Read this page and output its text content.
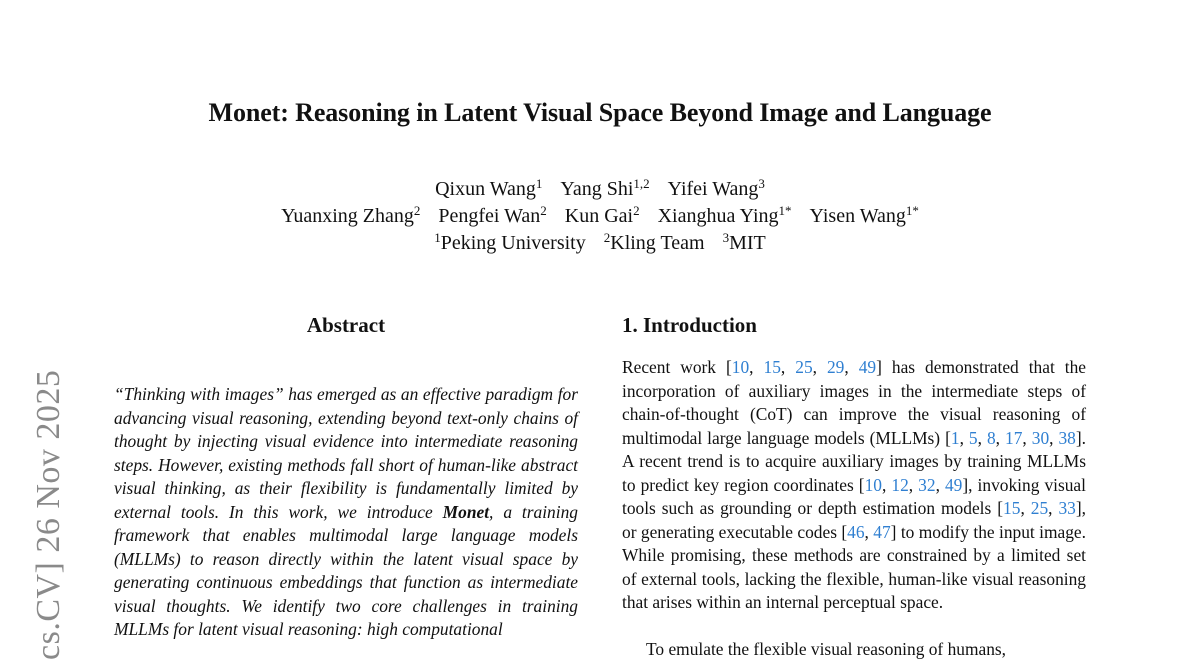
cs.CV] 26 Nov 2025
Monet: Reasoning in Latent Visual Space Beyond Image and Language
Qixun Wang$^1$ Yang Shi$^{1,2}$ Yifei Wang$^3$
Yuanxing Zhang$^2$ Pengfei Wan$^2$ Kun Gai$^2$ Xianghua Ying$^{1*}$ Yisen Wang$^{1*}$
$^1$Peking University $^2$Kling Team $^3$MIT
Abstract

“Thinking with images” has emerged as an effective paradigm for advancing visual reasoning, extending beyond text-only chains of thought by injecting visual evidence into intermediate reasoning steps. However, existing methods fall short of human-like abstract visual thinking, as their flexibility is fundamentally limited by external tools. In this work, we introduce Monet, a training framework that enables multimodal large language models (MLLMs) to reason directly within the latent visual space by generating continuous embeddings that function as intermediate visual thoughts. We identify two core challenges in training MLLMs for latent visual reasoning: high computational

1. Introduction

Recent work [10, 15, 25, 29, 49] has demonstrated that the incorporation of auxiliary images in the intermediate steps of chain-of-thought (CoT) can improve the visual reasoning of multimodal large language models (MLLMs) [1, 5, 8, 17, 30, 38]. A recent trend is to acquire auxiliary images by training MLLMs to predict key region coordinates [10, 12, 32, 49], invoking visual tools such as grounding or depth estimation models [15, 25, 33], or generating executable codes [46, 47] to modify the input image. While promising, these methods are constrained by a limited set of external tools, lacking the flexible, human-like visual reasoning that arises within an internal perceptual space.

To emulate the flexible visual reasoning of humans,
